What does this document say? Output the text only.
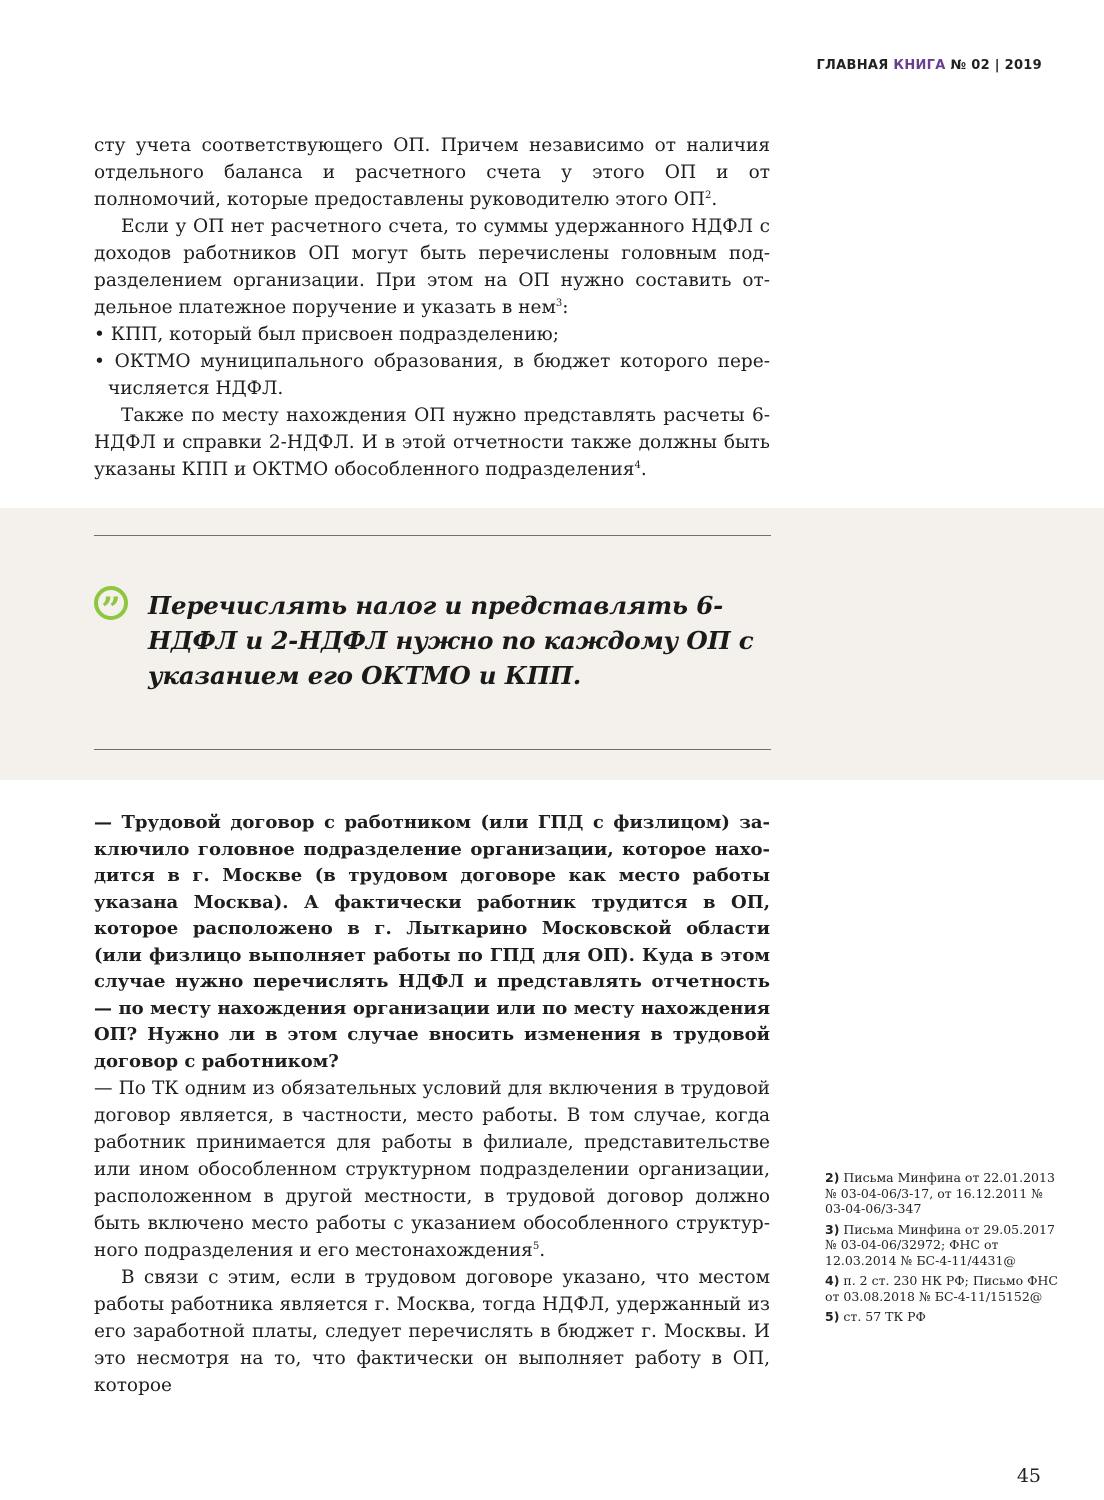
ГЛАВНАЯ КНИГА № 02 | 2019

сту учета соответствующего ОП. Причем независимо от наличия отдельного баланса и расчетного счета у этого ОП и от полномочий, которые предоставлены руководителю этого $ОП^2$.

Если у ОП нет расчетного счета, то суммы удержанного НДФЛ с доходов работников ОП могут быть перечислены головным подразделением организации. При этом на ОП нужно составить отдельное платежное поручение и указать в нем$^3$:

• КПП, который был присвоен подразделению;

• ОКТМО муниципального образования, в бюджет которого перечисляется НДФЛ.

Также по месту нахождения ОП нужно представлять расчеты 6-НДФЛ и справки 2-НДФЛ. И в этой отчетности также должны быть указаны КПП и ОКТМО обособленного подразделения$^4$.

” Перечислять налог и представлять 6-НДФЛ и 2-НДФЛ нужно по каждому ОП с указанием его ОКТМО и КПП.

— Трудовой договор с работником (или ГПД с физлицом) заключило головное подразделение организации, которое находится в г. Москве (в трудовом договоре как место работы указана Москва). А фактически работник трудится в ОП, которое расположено в г. Лыткарино Московской области (или физлицо выполняет работы по ГПД для ОП). Куда в этом случае нужно перечислять НДФЛ и представлять отчетность — по месту нахождения организации или по месту нахождения ОП? Нужно ли в этом случае вносить изменения в трудовой договор с работником?

— По ТК одним из обязательных условий для включения в трудовой договор является, в частности, место работы. В том случае, когда работник принимается для работы в филиале, представительстве или ином обособленном структурном подразделении организации, расположенном в другой местности, в трудовой договор должно быть включено место работы с указанием обособленного структурного подразделения и его местонахождения$^5$.

В связи с этим, если в трудовом договоре указано, что местом работы работника является г. Москва, тогда НДФЛ, удержанный из его заработной платы, следует перечислять в бюджет г. Москвы. И это несмотря на то, что фактически он выполняет работу в ОП, которое

2) Письма Минфина от 22.01.2013 № 03-04-06/3-17, от 16.12.2011 № 03-04-06/3-347
3) Письма Минфина от 29.05.2017 № 03-04-06/32972; ФНС от 12.03.2014 № БС-4-11/4431@
4) п. 2 ст. 230 НК РФ; Письмо ФНС от 03.08.2018 № БС-4-11/15152@
5) ст. 57 ТК РФ
45
